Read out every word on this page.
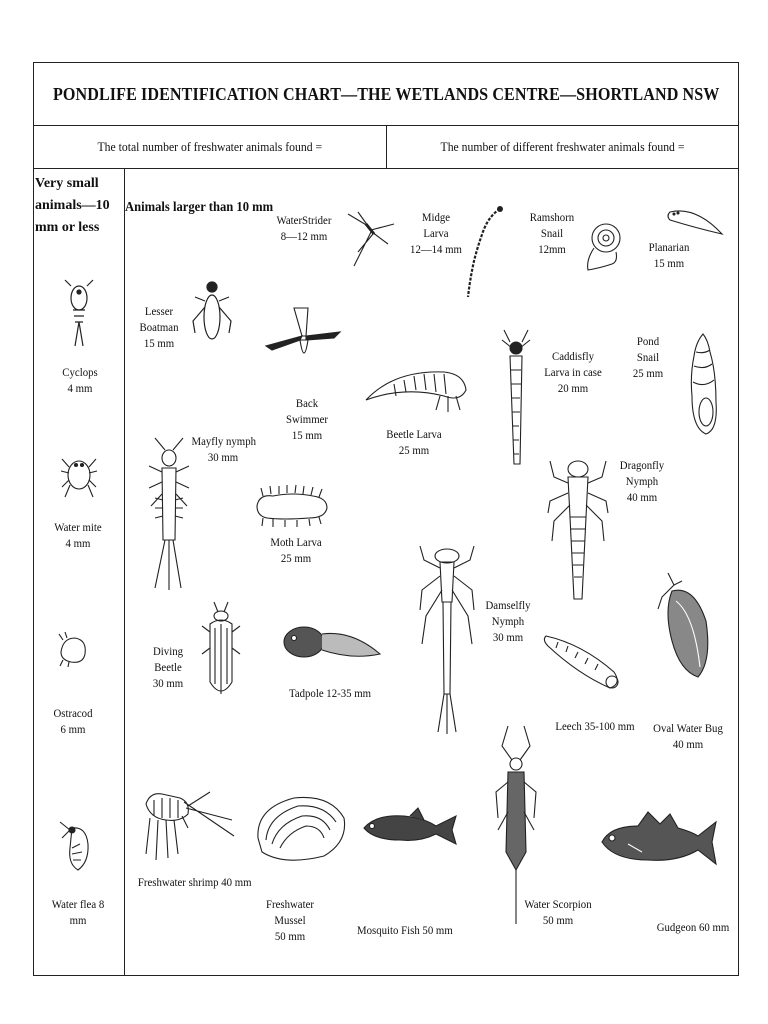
PONDLIFE IDENTIFICATION CHART—THE WETLANDS CENTRE—SHORTLAND NSW
The total number of freshwater animals found =	The number of different freshwater animals found =
Very small
animals—10
mm or less
Animals larger than 10 mm
Cyclops
4 mm
Water mite
4 mm
Ostracod
6 mm
Water flea 8
mm
WaterStrider
8—12 mm
Midge
Larva
12—14 mm
Ramshorn
Snail
12mm	Planarian
15 mm
Lesser
Boatman
15 mm
Back
Swimmer
15 mm	Beetle Larva
25 mm
Caddisfly
Larva in case
20 mm
Pond
Snail
25 mm
Mayfly nymph
30 mm
Moth Larva
25 mm
Dragonfly
Nymph
40 mm
Damselfly
Nymph
30 mm
Diving
Beetle
30 mm
Tadpole 12-35 mm
Leech 35-100 mm	Oval Water Bug
40 mm
Freshwater shrimp 40 mm
Freshwater
Mussel
50 mm	Mosquito Fish 50 mm
Water Scorpion
50 mm	Gudgeon 60 mm
